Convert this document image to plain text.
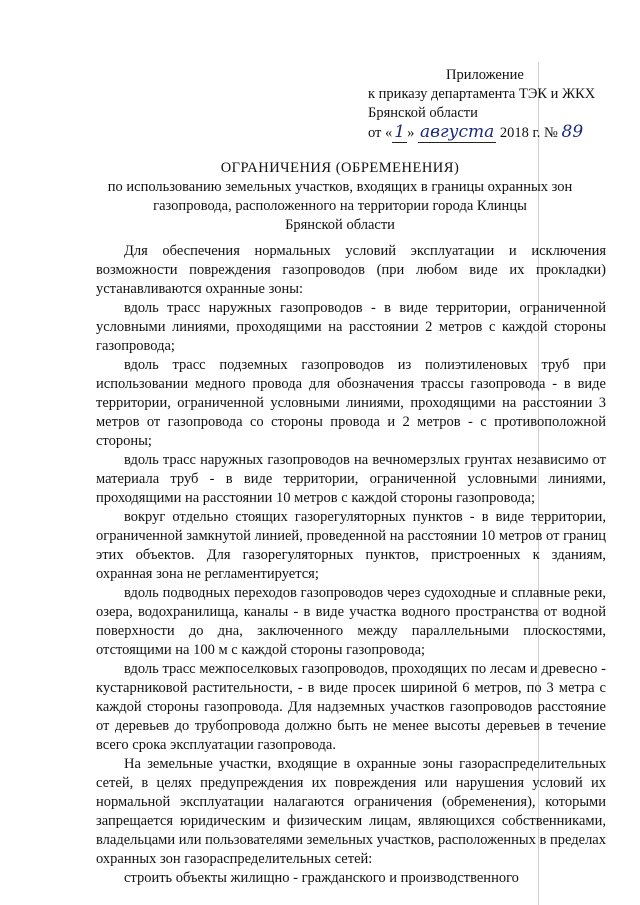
Приложение
к приказу департамента ТЭК и ЖКХ
Брянской области
от « 1 » августа 2018 г. № 89
ОГРАНИЧЕНИЯ (ОБРЕМЕНЕНИЯ)
по использованию земельных участков, входящих в границы охранных зон
газопровода, расположенного на территории города Клинцы
Брянской области

Для обеспечения нормальных условий эксплуатации и исключения возможности повреждения газопроводов (при любом виде их прокладки) устанавливаются охранные зоны:

вдоль трасс наружных газопроводов - в виде территории, ограниченной условными линиями, проходящими на расстоянии 2 метров с каждой стороны газопровода;

вдоль трасс подземных газопроводов из полиэтиленовых труб при использовании медного провода для обозначения трассы газопровода - в виде территории, ограниченной условными линиями, проходящими на расстоянии 3 метров от газопровода со стороны провода и 2 метров - с противоположной стороны;

вдоль трасс наружных газопроводов на вечномерзлых грунтах независимо от материала труб - в виде территории, ограниченной условными линиями, проходящими на расстоянии 10 метров с каждой стороны газопровода;

вокруг отдельно стоящих газорегуляторных пунктов - в виде территории, ограниченной замкнутой линией, проведенной на расстоянии 10 метров от границ этих объектов. Для газорегуляторных пунктов, пристроенных к зданиям, охранная зона не регламентируется;

вдоль подводных переходов газопроводов через судоходные и сплавные реки, озера, водохранилища, каналы - в виде участка водного пространства от водной поверхности до дна, заключенного между параллельными плоскостями, отстоящими на 100 м с каждой стороны газопровода;

вдоль трасс межпоселковых газопроводов, проходящих по лесам и древесно - кустарниковой растительности, - в виде просек шириной 6 метров, по 3 метра с каждой стороны газопровода. Для надземных участков газопроводов расстояние от деревьев до трубопровода должно быть не менее высоты деревьев в течение всего срока эксплуатации газопровода.

На земельные участки, входящие в охранные зоны газораспределительных сетей, в целях предупреждения их повреждения или нарушения условий их нормальной эксплуатации налагаются ограничения (обременения), которыми запрещается юридическим и физическим лицам, являющихся собственниками, владельцами или пользователями земельных участков, расположенных в пределах охранных зон газораспределительных сетей:

строить объекты жилищно - гражданского и производственного
